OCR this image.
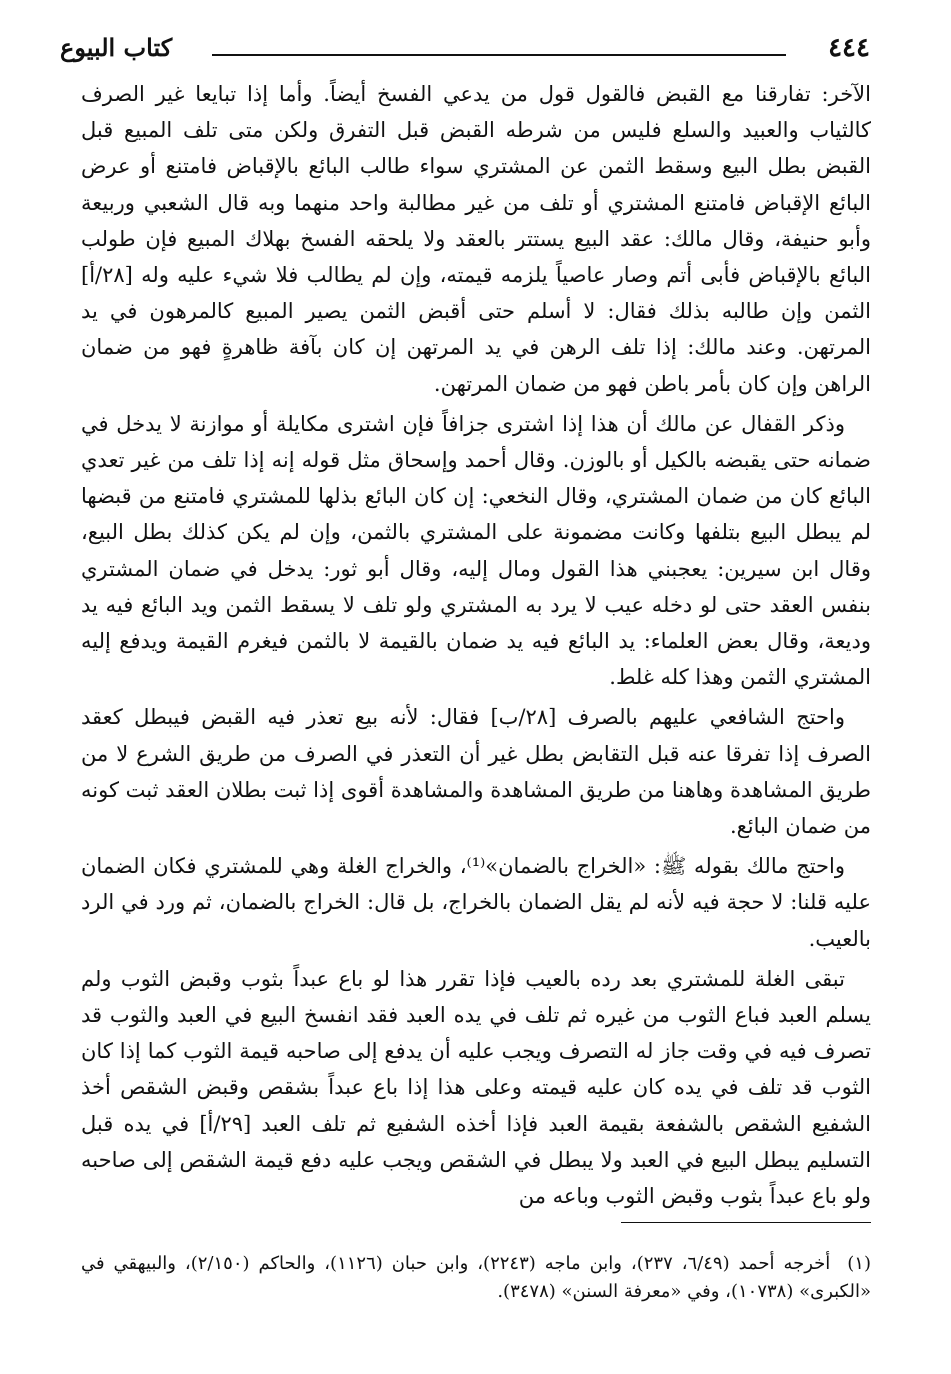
٤٤٤
كتاب البيوع

الآخر: تفارقنا مع القبض فالقول قول من يدعي الفسخ أيضاً. وأما إذا تبايعا غير الصرف كالثياب والعبيد والسلع فليس من شرطه القبض قبل التفرق ولكن متى تلف المبيع قبل القبض بطل البيع وسقط الثمن عن المشتري سواء طالب البائع بالإقباض فامتنع أو عرض البائع الإقباض فامتنع المشتري أو تلف من غير مطالبة واحد منهما وبه قال الشعبي وربيعة وأبو حنيفة، وقال مالك: عقد البيع يستتر بالعقد ولا يلحقه الفسخ بهلاك المبيع فإن طولب البائع بالإقباض فأبى أتم وصار عاصياً يلزمه قيمته، وإن لم يطالب فلا شيء عليه وله [٢٨/أ] الثمن وإن طالبه بذلك فقال: لا أسلم حتى أقبض الثمن يصير المبيع كالمرهون في يد المرتهن. وعند مالك: إذا تلف الرهن في يد المرتهن إن كان بآفة ظاهرةٍ فهو من ضمان الراهن وإن كان بأمر باطن فهو من ضمان المرتهن.

وذكر القفال عن مالك أن هذا إذا اشترى جزافاً فإن اشترى مكايلة أو موازنة لا يدخل في ضمانه حتى يقبضه بالكيل أو بالوزن. وقال أحمد وإسحاق مثل قوله إنه إذا تلف من غير تعدي البائع كان من ضمان المشتري، وقال النخعي: إن كان البائع بذلها للمشتري فامتنع من قبضها لم يبطل البيع بتلفها وكانت مضمونة على المشتري بالثمن، وإن لم يكن كذلك بطل البيع، وقال ابن سيرين: يعجبني هذا القول ومال إليه، وقال أبو ثور: يدخل في ضمان المشتري بنفس العقد حتى لو دخله عيب لا يرد به المشتري ولو تلف لا يسقط الثمن ويد البائع فيه يد وديعة، وقال بعض العلماء: يد البائع فيه يد ضمان بالقيمة لا بالثمن فيغرم القيمة ويدفع إليه المشتري الثمن وهذا كله غلط.

واحتج الشافعي عليهم بالصرف [٢٨/ب] فقال: لأنه بيع تعذر فيه القبض فيبطل كعقد الصرف إذا تفرقا عنه قبل التقابض بطل غير أن التعذر في الصرف من طريق الشرع لا من طريق المشاهدة وهاهنا من طريق المشاهدة والمشاهدة أقوى إذا ثبت بطلان العقد ثبت كونه من ضمان البائع.

واحتج مالك بقوله ﷺ: «الخراج بالضمان»⁽¹⁾، والخراج الغلة وهي للمشتري فكان الضمان عليه قلنا: لا حجة فيه لأنه لم يقل الضمان بالخراج، بل قال: الخراج بالضمان، ثم ورد في الرد بالعيب.

تبقى الغلة للمشتري بعد رده بالعيب فإذا تقرر هذا لو باع عبداً بثوب وقبض الثوب ولم يسلم العبد فباع الثوب من غيره ثم تلف في يده العبد فقد انفسخ البيع في العبد والثوب قد تصرف فيه في وقت جاز له التصرف ويجب عليه أن يدفع إلى صاحبه قيمة الثوب كما إذا كان الثوب قد تلف في يده كان عليه قيمته وعلى هذا إذا باع عبداً بشقص وقبض الشقص أخذ الشفيع الشقص بالشفعة بقيمة العبد فإذا أخذه الشفيع ثم تلف العبد [٢٩/أ] في يده قبل التسليم يبطل البيع في العبد ولا يبطل في الشقص ويجب عليه دفع قيمة الشقص إلى صاحبه ولو باع عبداً بثوب وقبض الثوب وباعه من

(١) أخرجه أحمد (٦/٤٩، ٢٣٧)، وابن ماجه (٢٢٤٣)، وابن حبان (١١٢٦)، والحاكم (٢/١٥٠)، والبيهقي في «الكبرى» (١٠٧٣٨)، وفي «معرفة السنن» (٣٤٧٨).
